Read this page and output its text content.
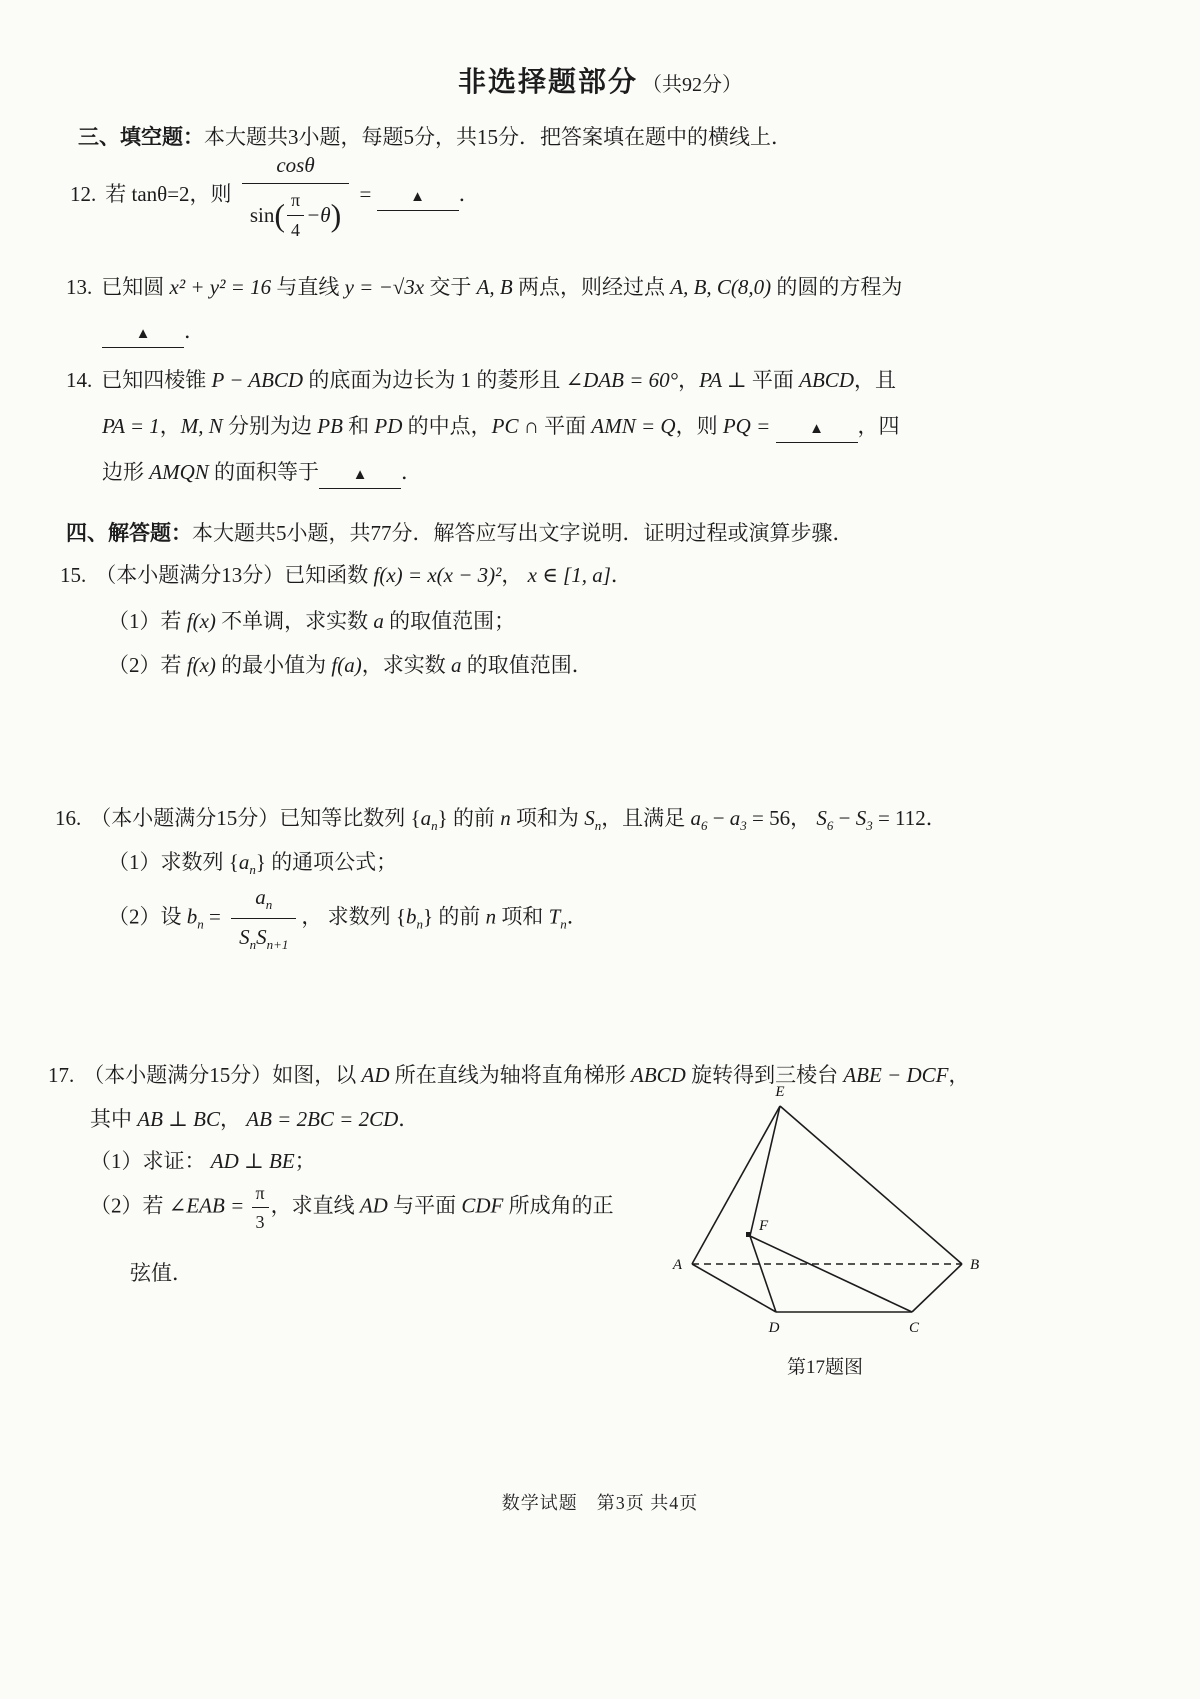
非选择题部分 （共92分）
三、填空题：本大题共3小题，每题5分，共15分．把答案填在题中的横线上．
12. 若 tanθ=2，则 $\frac{\cos\theta}{\sin ( \frac{\pi}{4} -\theta )}$ = ▲ ．
13. 已知圆 x² + y² = 16 与直线 y = −√3x 交于 A, B 两点，则经过点 A, B, C(8,0) 的圆的方程为
▲ ．
14. 已知四棱锥 P − ABCD 的底面为边长为 1 的菱形且 ∠DAB = 60°，PA ⊥ 平面 ABCD，且
PA = 1，M, N 分别为边 PB 和 PD 的中点，PC ∩ 平面 AMN = Q，则 PQ = ▲ ，四
边形 AMQN 的面积等于 ▲ ．
四、解答题：本大题共5小题，共77分．解答应写出文字说明．证明过程或演算步骤．
15. （本小题满分13分）已知函数 f(x) = x(x − 3)²， x ∈ [1, a]．
（1）若 f(x) 不单调，求实数 a 的取值范围；
（2）若 f(x) 的最小值为 f(a)，求实数 a 的取值范围．
16. （本小题满分15分）已知等比数列 $\{a_n\}$ 的前 n 项和为 $S_n$，且满足 $a_6 - a_3 = 56$， $S_6 - S_3 = 112$．
（1）求数列 $\{a_n\}$ 的通项公式；
（2）设 $b_n = \frac{a_n}{S_nS_{n+1}}$ ， 求数列 $\{b_n\}$ 的前 n 项和 $T_n$．
17. （本小题满分15分）如图，以 AD 所在直线为轴将直角梯形 ABCD 旋转得到三棱台 ABE − DCF，
其中 AB ⊥ BC， AB = 2BC = 2CD．
（1）求证： AD ⊥ BE；
（2）若 ∠EAB = $\frac{\pi}{3}$ ，求直线 AD 与平面 CDF 所成角的正
弦值．
E
A	B
F
D	C
第17题图
数学试题　第3页 共4页
